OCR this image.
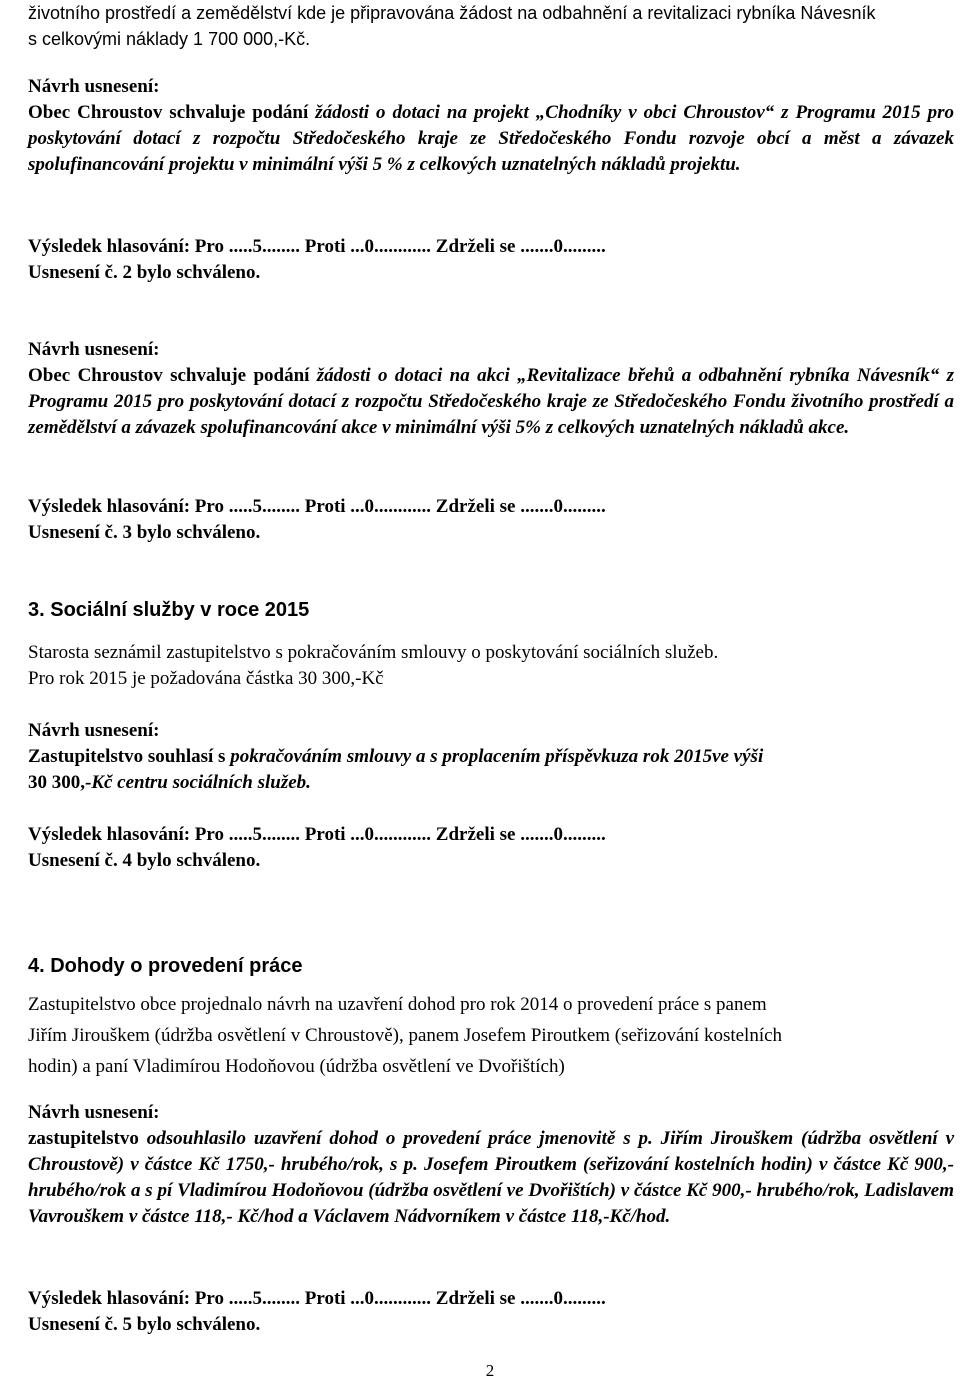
životního prostředí a zemědělství kde je připravována žádost na odbahnění a revitalizaci rybníka Návesník
s celkovými náklady 1 700 000,-Kč.
Návrh usnesení:
Obec Chroustov schvaluje podání žádosti o dotaci na projekt „Chodníky v obci Chroustov“ z Programu 2015 pro poskytování dotací z rozpočtu Středočeského kraje ze Středočeského Fondu rozvoje obcí a měst a závazek spolufinancování projektu v minimální výši 5 % z celkových uznatelných nákladů projektu.
Výsledek hlasování: Pro .....5........ Proti ...0............ Zdrželi se .......0.........
Usnesení č. 2 bylo schváleno.
Návrh usnesení:
Obec Chroustov schvaluje podání žádosti o dotaci na akci „Revitalizace břehů a odbahnění rybníka Návesník“ z Programu 2015 pro poskytování dotací z rozpočtu Středočeského kraje ze Středočeského Fondu životního prostředí a zemědělství a závazek spolufinancování akce v minimální výši 5% z celkových uznatelných nákladů akce.
Výsledek hlasování: Pro .....5........ Proti ...0............ Zdrželi se .......0.........
Usnesení č. 3 bylo schváleno.
3. Sociální služby v roce 2015
Starosta seznámil zastupitelstvo s pokračováním smlouvy o poskytování sociálních služeb.
Pro rok 2015 je požadována částka 30 300,-Kč
Návrh usnesení:
Zastupitelstvo souhlasí s pokračováním smlouvy a s proplacením příspěvkuza rok 2015ve výši
30 300,-Kč centru sociálních služeb.
Výsledek hlasování: Pro .....5........ Proti ...0............ Zdrželi se .......0.........
Usnesení č. 4 bylo schváleno.
4. Dohody o provedení práce
Zastupitelstvo obce projednalo návrh na uzavření dohod pro rok 2014 o provedení práce s panem
Jiřím Jirouškem (údržba osvětlení v Chroustově), panem Josefem Piroutkem (seřizování kostelních
hodin) a paní Vladimírou Hodoňovou (údržba osvětlení ve Dvořištích)
Návrh usnesení:
zastupitelstvo odsouhlasilo uzavření dohod o provedení práce jmenovitě s p. Jiřím Jirouškem (údržba osvětlení v Chroustově) v částce Kč 1750,- hrubého/rok, s p. Josefem Piroutkem (seřizování kostelních hodin) v částce Kč 900,- hrubého/rok a s pí Vladimírou Hodoňovou (údržba osvětlení ve Dvořištích) v částce Kč 900,- hrubého/rok, Ladislavem Vavrouškem v částce 118,- Kč/hod a Václavem Nádvorníkem v částce 118,-Kč/hod.
Výsledek hlasování: Pro .....5........ Proti ...0............ Zdrželi se .......0.........
Usnesení č. 5 bylo schváleno.
2
